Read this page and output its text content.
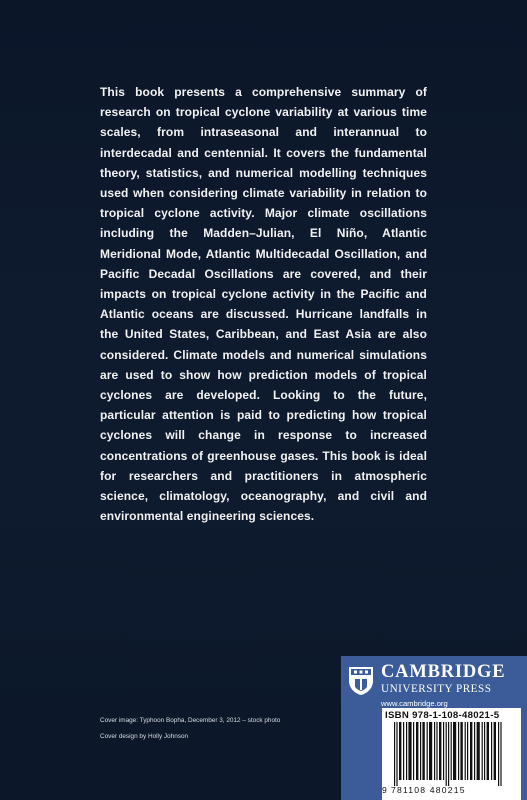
This book presents a comprehensive summary of research on tropical cyclone variability at various time scales, from intraseasonal and interannual to interdecadal and centennial. It covers the fundamental theory, statistics, and numerical modelling techniques used when considering climate variability in relation to tropical cyclone activity. Major climate oscillations including the Madden–Julian, El Niño, Atlantic Meridional Mode, Atlantic Multidecadal Oscillation, and Pacific Decadal Oscillations are covered, and their impacts on tropical cyclone activity in the Pacific and Atlantic oceans are discussed. Hurricane landfalls in the United States, Caribbean, and East Asia are also considered. Climate models and numerical simulations are used to show how prediction models of tropical cyclones are developed. Looking to the future, particular attention is paid to predicting how tropical cyclones will change in response to increased concentrations of greenhouse gases. This book is ideal for researchers and practitioners in atmospheric science, climatology, oceanography, and civil and environmental engineering sciences.

Cover image: Typhoon Bopha, December 3, 2012 – stock photo
Cover design by Holly Johnson
CAMBRIDGE
UNIVERSITY PRESS
www.cambridge.org
ISBN 978-1-108-48021-5
9 781108 480215
